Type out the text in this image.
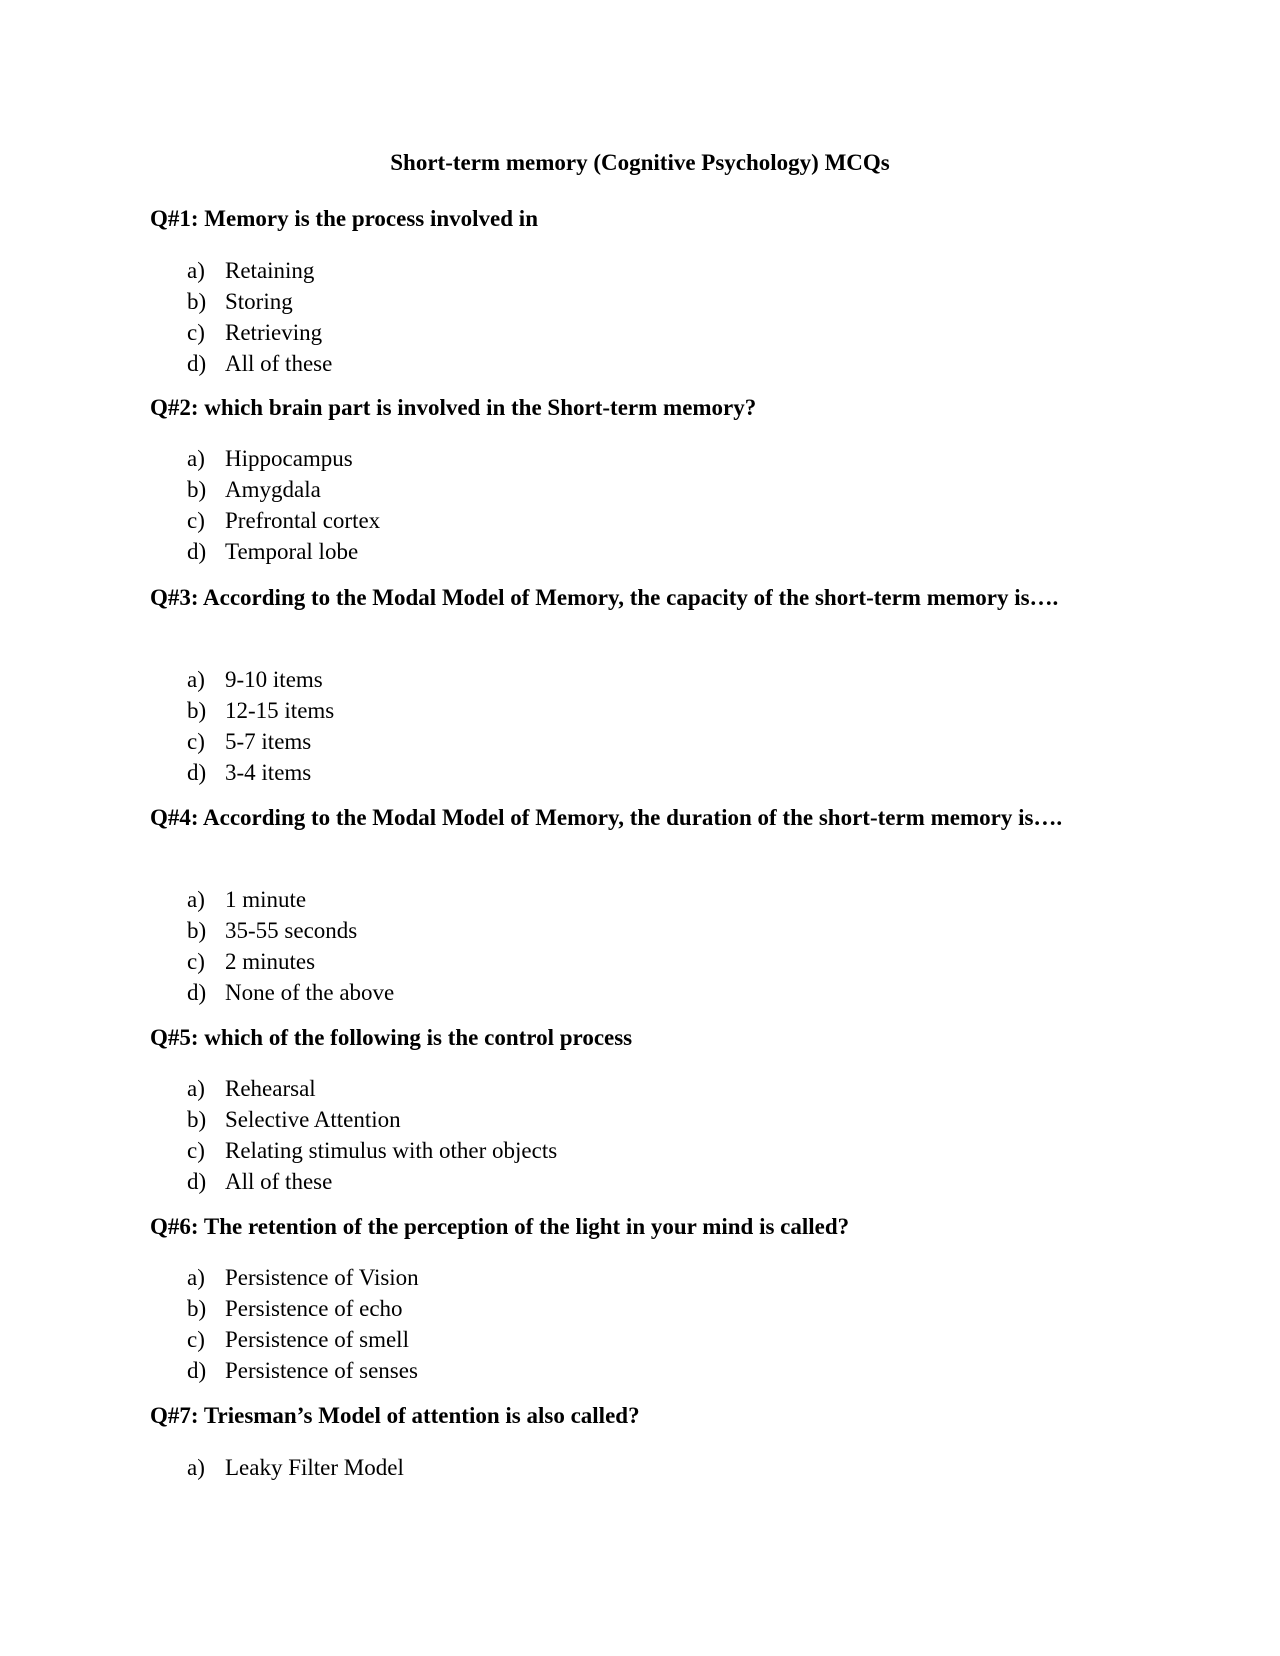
Short-term memory (Cognitive Psychology) MCQs
Q#1: Memory is the process involved in
a) Retaining
b) Storing
c) Retrieving
d) All of these
Q#2: which brain part is involved in the Short-term memory?
a) Hippocampus
b) Amygdala
c) Prefrontal cortex
d) Temporal lobe
Q#3: According to the Modal Model of Memory, the capacity of the short-term memory is….
a) 9-10 items
b) 12-15 items
c) 5-7 items
d) 3-4 items
Q#4: According to the Modal Model of Memory, the duration of the short-term memory is….
a) 1 minute
b) 35-55 seconds
c) 2 minutes
d) None of the above
Q#5: which of the following is the control process
a) Rehearsal
b) Selective Attention
c) Relating stimulus with other objects
d) All of these
Q#6: The retention of the perception of the light in your mind is called?
a) Persistence of Vision
b) Persistence of echo
c) Persistence of smell
d) Persistence of senses
Q#7: Triesman’s Model of attention is also called?
a) Leaky Filter Model
